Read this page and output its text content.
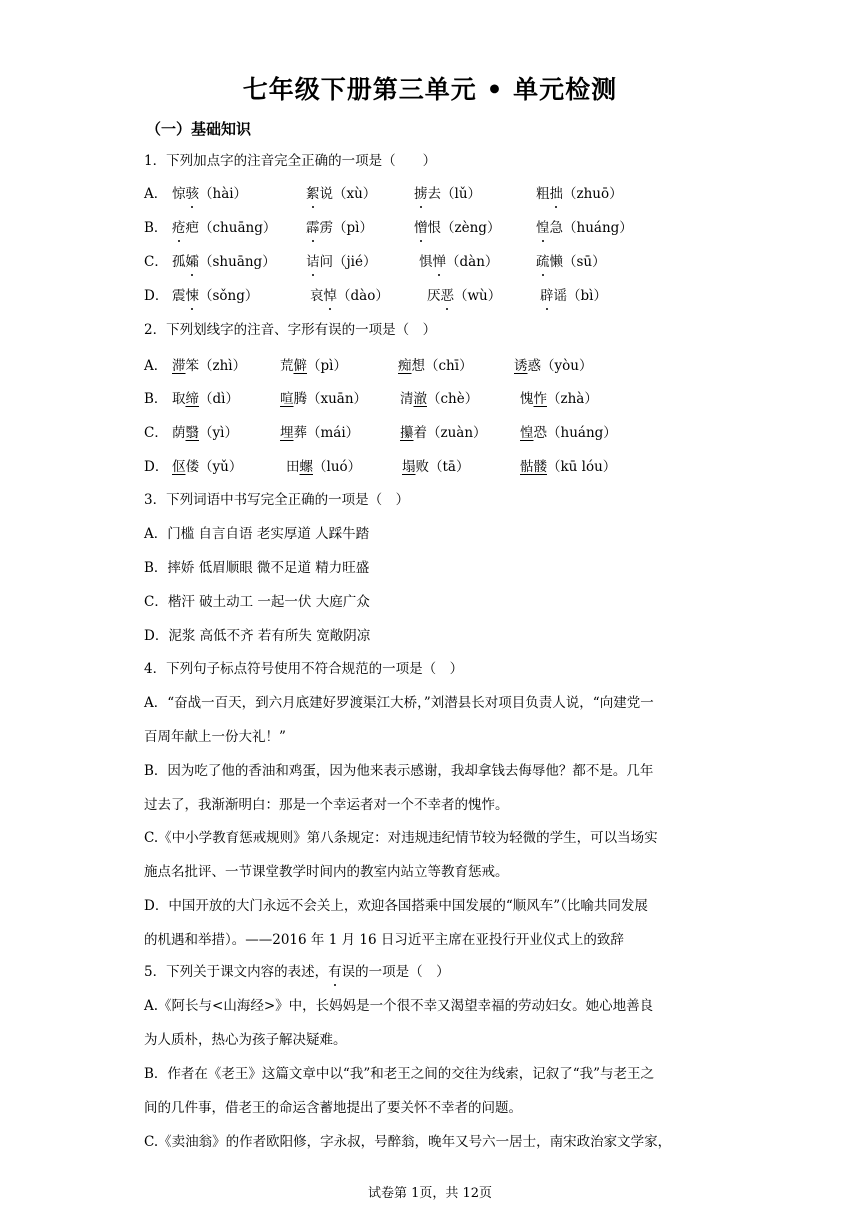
七年级下册第三单元 • 单元检测
（一）基础知识
1．下列加点字的注音完全正确的一项是（　　）
A． 惊骇（hài）	絮说（xù）	掳去（lǔ）	粗拙（zhuō）
B． 疮疤（chuāng） 霹雳（pì）	憎恨（zèng）	惶急（huáng）
C． 孤孀（shuāng） 诘问（jié）	惧惮（dàn）	疏懒（sū）
D． 震悚（sǒng）	哀悼（dào）	厌恶（wù）	辟谣（bì）
2．下列划线字的注音、字形有误的一项是（　）
A． 滞笨（zhì）	荒僻（pì）	痴想（chī）	诱惑（yòu）
B． 取缔（dì）	喧腾（xuān） 清澈（chè）	愧怍（zhà）
C． 荫翳（yì）	埋葬（mái）	攥着（zuàn） 惶恐（huáng）
D． 伛偻（yǔ）	田螺（luó）	塌败（tā）	骷髅（kū lóu）
3．下列词语中书写完全正确的一项是（　）
A．门槛 自言自语 老实厚道 人踩牛踏
B．摔娇 低眉顺眼 微不足道 精力旺盛
C．楷汗 破土动工 一起一伏 大庭广众
D．泥浆 高低不齐 若有所失 宽敞阴凉
4．下列句子标点符号使用不符合规范的一项是（　）
A．“奋战一百天，到六月底建好罗渡渠江大桥，”刘潜县长对项目负责人说，“向建党一
百周年献上一份大礼！”
B．因为吃了他的香油和鸡蛋，因为他来表示感谢，我却拿钱去侮辱他？都不是。几年
过去了，我渐渐明白：那是一个幸运者对一个不幸者的愧怍。
C.《中小学教育惩戒规则》第八条规定：对违规违纪情节较为轻微的学生，可以当场实
施点名批评、一节课堂教学时间内的教室内站立等教育惩戒。
D．中国开放的大门永远不会关上，欢迎各国搭乘中国发展的“顺风车”（比喻共同发展
的机遇和举措）。——2016 年 1 月 16 日习近平主席在亚投行开业仪式上的致辞
5．下列关于课文内容的表述，有误的一项是（　）
A.《阿长与<山海经>》中，长妈妈是一个很不幸又渴望幸福的劳动妇女。她心地善良
为人质朴，热心为孩子解决疑难。
B．作者在《老王》这篇文章中以“我”和老王之间的交往为线索，记叙了“我”与老王之
间的几件事，借老王的命运含蓄地提出了要关怀不幸者的问题。
C.《卖油翁》的作者欧阳修，字永叔，号醉翁，晚年又号六一居士，南宋政治家文学家，
试卷第 1页，共 12页
